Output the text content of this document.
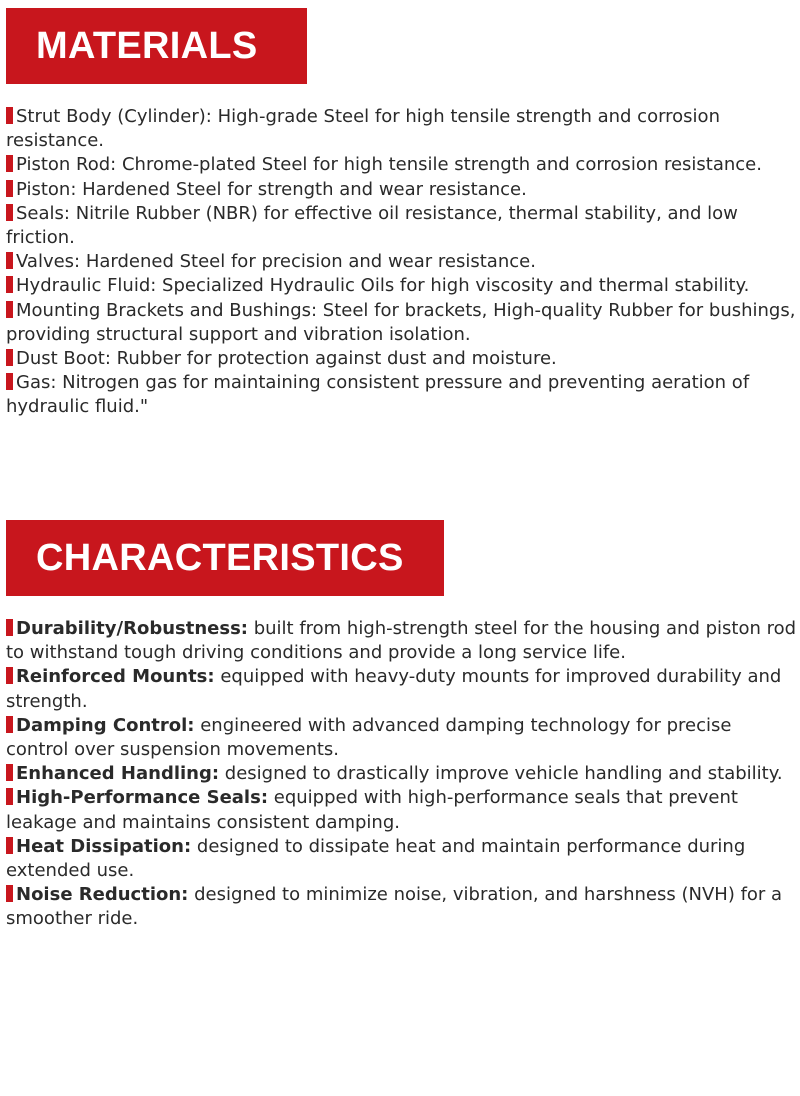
MATERIALS
Strut Body (Cylinder): High-grade Steel for high tensile strength and corrosion resistance.
Piston Rod: Chrome-plated Steel for high tensile strength and corrosion resistance.
Piston: Hardened Steel for strength and wear resistance.
Seals: Nitrile Rubber (NBR) for effective oil resistance, thermal stability, and low friction.
Valves: Hardened Steel for precision and wear resistance.
Hydraulic Fluid: Specialized Hydraulic Oils for high viscosity and thermal stability.
Mounting Brackets and Bushings: Steel for brackets, High-quality Rubber for bushings, providing structural support and vibration isolation.
Dust Boot: Rubber for protection against dust and moisture.
Gas: Nitrogen gas for maintaining consistent pressure and preventing aeration of hydraulic fluid."
CHARACTERISTICS
Durability/Robustness: built from high-strength steel for the housing and piston rod to withstand tough driving conditions and provide a long service life.
Reinforced Mounts: equipped with heavy-duty mounts for improved durability and strength.
Damping Control: engineered with advanced damping technology for precise control over suspension movements.
Enhanced Handling: designed to drastically improve vehicle handling and stability.
High-Performance Seals: equipped with high-performance seals that prevent leakage and maintains consistent damping.
Heat Dissipation: designed to dissipate heat and maintain performance during extended use.
Noise Reduction: designed to minimize noise, vibration, and harshness (NVH) for a smoother ride.
